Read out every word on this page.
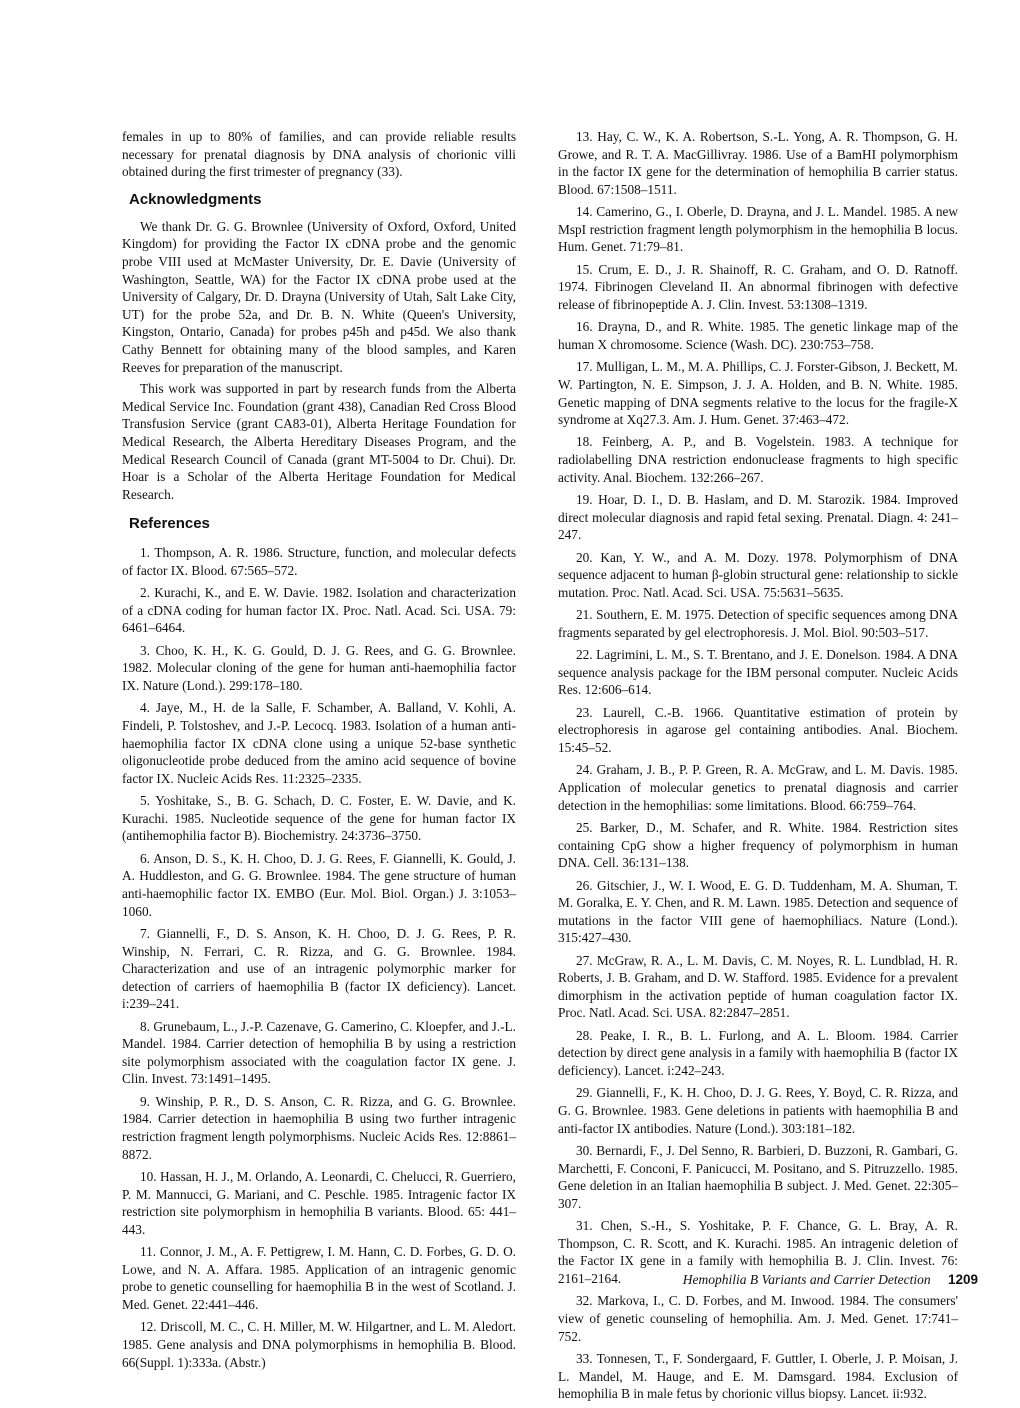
females in up to 80% of families, and can provide reliable results necessary for prenatal diagnosis by DNA analysis of chorionic villi obtained during the first trimester of pregnancy (33).

Acknowledgments

We thank Dr. G. G. Brownlee (University of Oxford, Oxford, United Kingdom) for providing the Factor IX cDNA probe and the genomic probe VIII used at McMaster University, Dr. E. Davie (University of Washington, Seattle, WA) for the Factor IX cDNA probe used at the University of Calgary, Dr. D. Drayna (University of Utah, Salt Lake City, UT) for the probe 52a, and Dr. B. N. White (Queen's University, Kingston, Ontario, Canada) for probes p45h and p45d. We also thank Cathy Bennett for obtaining many of the blood samples, and Karen Reeves for preparation of the manuscript.

This work was supported in part by research funds from the Alberta Medical Service Inc. Foundation (grant 438), Canadian Red Cross Blood Transfusion Service (grant CA83-01), Alberta Heritage Foundation for Medical Research, the Alberta Hereditary Diseases Program, and the Medical Research Council of Canada (grant MT-5004 to Dr. Chui). Dr. Hoar is a Scholar of the Alberta Heritage Foundation for Medical Research.

References

1. Thompson, A. R. 1986. Structure, function, and molecular defects of factor IX. Blood. 67:565–572.

2. Kurachi, K., and E. W. Davie. 1982. Isolation and characterization of a cDNA coding for human factor IX. Proc. Natl. Acad. Sci. USA. 79: 6461–6464.

3. Choo, K. H., K. G. Gould, D. J. G. Rees, and G. G. Brownlee. 1982. Molecular cloning of the gene for human anti-haemophilia factor IX. Nature (Lond.). 299:178–180.

4. Jaye, M., H. de la Salle, F. Schamber, A. Balland, V. Kohli, A. Findeli, P. Tolstoshev, and J.-P. Lecocq. 1983. Isolation of a human anti-haemophilia factor IX cDNA clone using a unique 52-base synthetic oligonucleotide probe deduced from the amino acid sequence of bovine factor IX. Nucleic Acids Res. 11:2325–2335.

5. Yoshitake, S., B. G. Schach, D. C. Foster, E. W. Davie, and K. Kurachi. 1985. Nucleotide sequence of the gene for human factor IX (antihemophilia factor B). Biochemistry. 24:3736–3750.

6. Anson, D. S., K. H. Choo, D. J. G. Rees, F. Giannelli, K. Gould, J. A. Huddleston, and G. G. Brownlee. 1984. The gene structure of human anti-haemophilic factor IX. EMBO (Eur. Mol. Biol. Organ.) J. 3:1053–1060.

7. Giannelli, F., D. S. Anson, K. H. Choo, D. J. G. Rees, P. R. Winship, N. Ferrari, C. R. Rizza, and G. G. Brownlee. 1984. Characterization and use of an intragenic polymorphic marker for detection of carriers of haemophilia B (factor IX deficiency). Lancet. i:239–241.

8. Grunebaum, L., J.-P. Cazenave, G. Camerino, C. Kloepfer, and J.-L. Mandel. 1984. Carrier detection of hemophilia B by using a restriction site polymorphism associated with the coagulation factor IX gene. J. Clin. Invest. 73:1491–1495.

9. Winship, P. R., D. S. Anson, C. R. Rizza, and G. G. Brownlee. 1984. Carrier detection in haemophilia B using two further intragenic restriction fragment length polymorphisms. Nucleic Acids Res. 12:8861–8872.

10. Hassan, H. J., M. Orlando, A. Leonardi, C. Chelucci, R. Guerriero, P. M. Mannucci, G. Mariani, and C. Peschle. 1985. Intragenic factor IX restriction site polymorphism in hemophilia B variants. Blood. 65: 441–443.

11. Connor, J. M., A. F. Pettigrew, I. M. Hann, C. D. Forbes, G. D. O. Lowe, and N. A. Affara. 1985. Application of an intragenic genomic probe to genetic counselling for haemophilia B in the west of Scotland. J. Med. Genet. 22:441–446.

12. Driscoll, M. C., C. H. Miller, M. W. Hilgartner, and L. M. Aledort. 1985. Gene analysis and DNA polymorphisms in hemophilia B. Blood. 66(Suppl. 1):333a. (Abstr.)

13. Hay, C. W., K. A. Robertson, S.-L. Yong, A. R. Thompson, G. H. Growe, and R. T. A. MacGillivray. 1986. Use of a BamHI polymorphism in the factor IX gene for the determination of hemophilia B carrier status. Blood. 67:1508–1511.

14. Camerino, G., I. Oberle, D. Drayna, and J. L. Mandel. 1985. A new MspI restriction fragment length polymorphism in the hemophilia B locus. Hum. Genet. 71:79–81.

15. Crum, E. D., J. R. Shainoff, R. C. Graham, and O. D. Ratnoff. 1974. Fibrinogen Cleveland II. An abnormal fibrinogen with defective release of fibrinopeptide A. J. Clin. Invest. 53:1308–1319.

16. Drayna, D., and R. White. 1985. The genetic linkage map of the human X chromosome. Science (Wash. DC). 230:753–758.

17. Mulligan, L. M., M. A. Phillips, C. J. Forster-Gibson, J. Beckett, M. W. Partington, N. E. Simpson, J. J. A. Holden, and B. N. White. 1985. Genetic mapping of DNA segments relative to the locus for the fragile-X syndrome at Xq27.3. Am. J. Hum. Genet. 37:463–472.

18. Feinberg, A. P., and B. Vogelstein. 1983. A technique for radiolabelling DNA restriction endonuclease fragments to high specific activity. Anal. Biochem. 132:266–267.

19. Hoar, D. I., D. B. Haslam, and D. M. Starozik. 1984. Improved direct molecular diagnosis and rapid fetal sexing. Prenatal. Diagn. 4: 241–247.

20. Kan, Y. W., and A. M. Dozy. 1978. Polymorphism of DNA sequence adjacent to human β-globin structural gene: relationship to sickle mutation. Proc. Natl. Acad. Sci. USA. 75:5631–5635.

21. Southern, E. M. 1975. Detection of specific sequences among DNA fragments separated by gel electrophoresis. J. Mol. Biol. 90:503–517.

22. Lagrimini, L. M., S. T. Brentano, and J. E. Donelson. 1984. A DNA sequence analysis package for the IBM personal computer. Nucleic Acids Res. 12:606–614.

23. Laurell, C.-B. 1966. Quantitative estimation of protein by electrophoresis in agarose gel containing antibodies. Anal. Biochem. 15:45–52.

24. Graham, J. B., P. P. Green, R. A. McGraw, and L. M. Davis. 1985. Application of molecular genetics to prenatal diagnosis and carrier detection in the hemophilias: some limitations. Blood. 66:759–764.

25. Barker, D., M. Schafer, and R. White. 1984. Restriction sites containing CpG show a higher frequency of polymorphism in human DNA. Cell. 36:131–138.

26. Gitschier, J., W. I. Wood, E. G. D. Tuddenham, M. A. Shuman, T. M. Goralka, E. Y. Chen, and R. M. Lawn. 1985. Detection and sequence of mutations in the factor VIII gene of haemophiliacs. Nature (Lond.). 315:427–430.

27. McGraw, R. A., L. M. Davis, C. M. Noyes, R. L. Lundblad, H. R. Roberts, J. B. Graham, and D. W. Stafford. 1985. Evidence for a prevalent dimorphism in the activation peptide of human coagulation factor IX. Proc. Natl. Acad. Sci. USA. 82:2847–2851.

28. Peake, I. R., B. L. Furlong, and A. L. Bloom. 1984. Carrier detection by direct gene analysis in a family with haemophilia B (factor IX deficiency). Lancet. i:242–243.

29. Giannelli, F., K. H. Choo, D. J. G. Rees, Y. Boyd, C. R. Rizza, and G. G. Brownlee. 1983. Gene deletions in patients with haemophilia B and anti-factor IX antibodies. Nature (Lond.). 303:181–182.

30. Bernardi, F., J. Del Senno, R. Barbieri, D. Buzzoni, R. Gambari, G. Marchetti, F. Conconi, F. Panicucci, M. Positano, and S. Pitruzzello. 1985. Gene deletion in an Italian haemophilia B subject. J. Med. Genet. 22:305–307.

31. Chen, S.-H., S. Yoshitake, P. F. Chance, G. L. Bray, A. R. Thompson, C. R. Scott, and K. Kurachi. 1985. An intragenic deletion of the Factor IX gene in a family with hemophilia B. J. Clin. Invest. 76: 2161–2164.

32. Markova, I., C. D. Forbes, and M. Inwood. 1984. The consumers' view of genetic counseling of hemophilia. Am. J. Med. Genet. 17:741–752.

33. Tonnesen, T., F. Sondergaard, F. Guttler, I. Oberle, J. P. Moisan, J. L. Mandel, M. Hauge, and E. M. Damsgard. 1984. Exclusion of hemophilia B in male fetus by chorionic villus biopsy. Lancet. ii:932.

Hemophilia B Variants and Carrier Detection 1209
